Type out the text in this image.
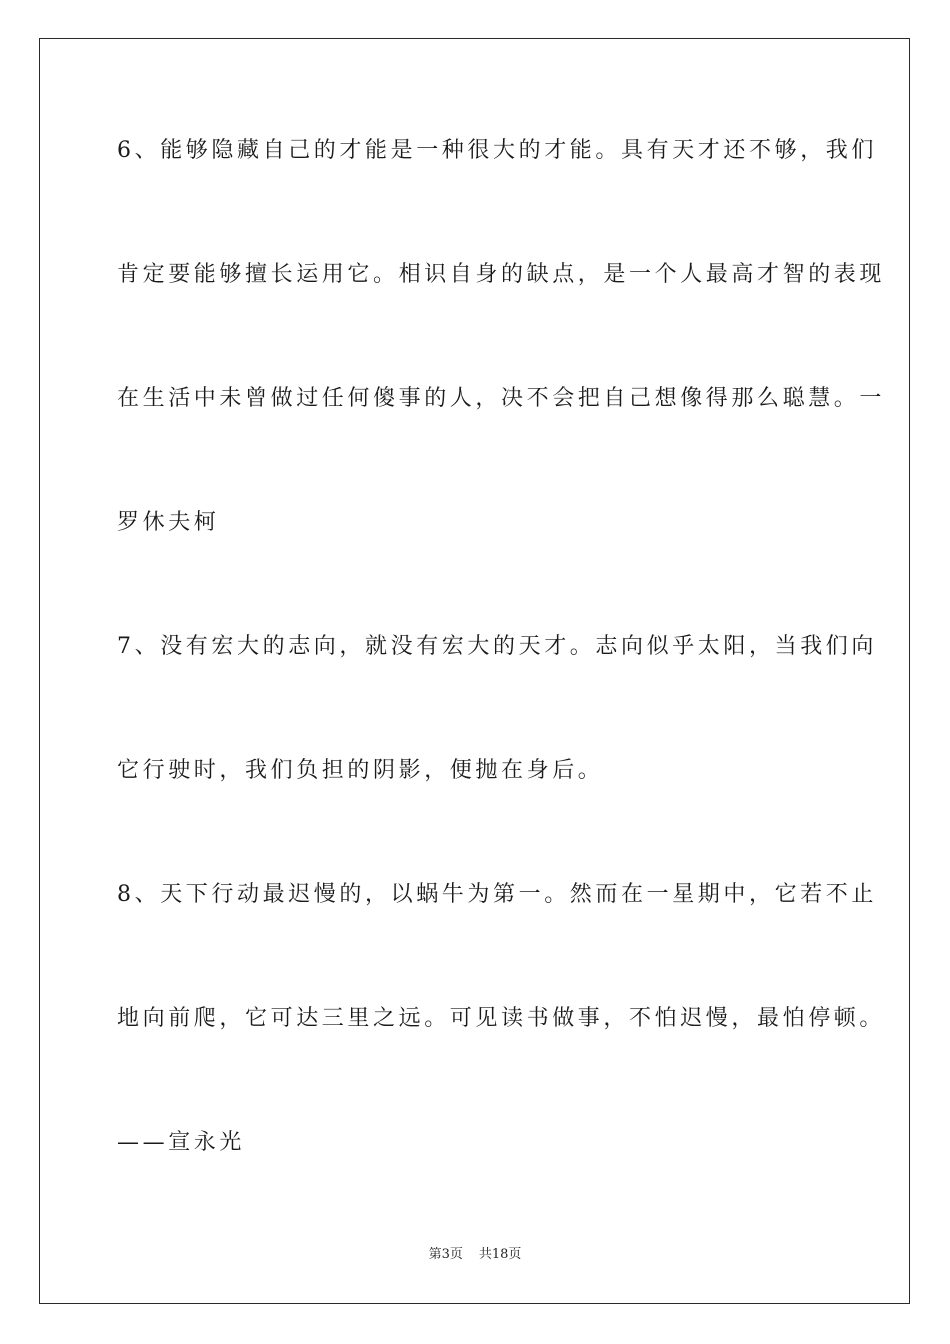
6、能够隐藏自己的才能是一种很大的才能。具有天才还不够，我们
肯定要能够擅长运用它。相识自身的缺点，是一个人最高才智的表现
在生活中未曾做过任何傻事的人，决不会把自己想像得那么聪慧。一
罗休夫柯
7、没有宏大的志向，就没有宏大的天才。志向似乎太阳，当我们向
它行驶时，我们负担的阴影，便抛在身后。
8、天下行动最迟慢的，以蜗牛为第一。然而在一星期中，它若不止
地向前爬，它可达三里之远。可见读书做事，不怕迟慢，最怕停顿。
——宣永光
第3页 共18页
